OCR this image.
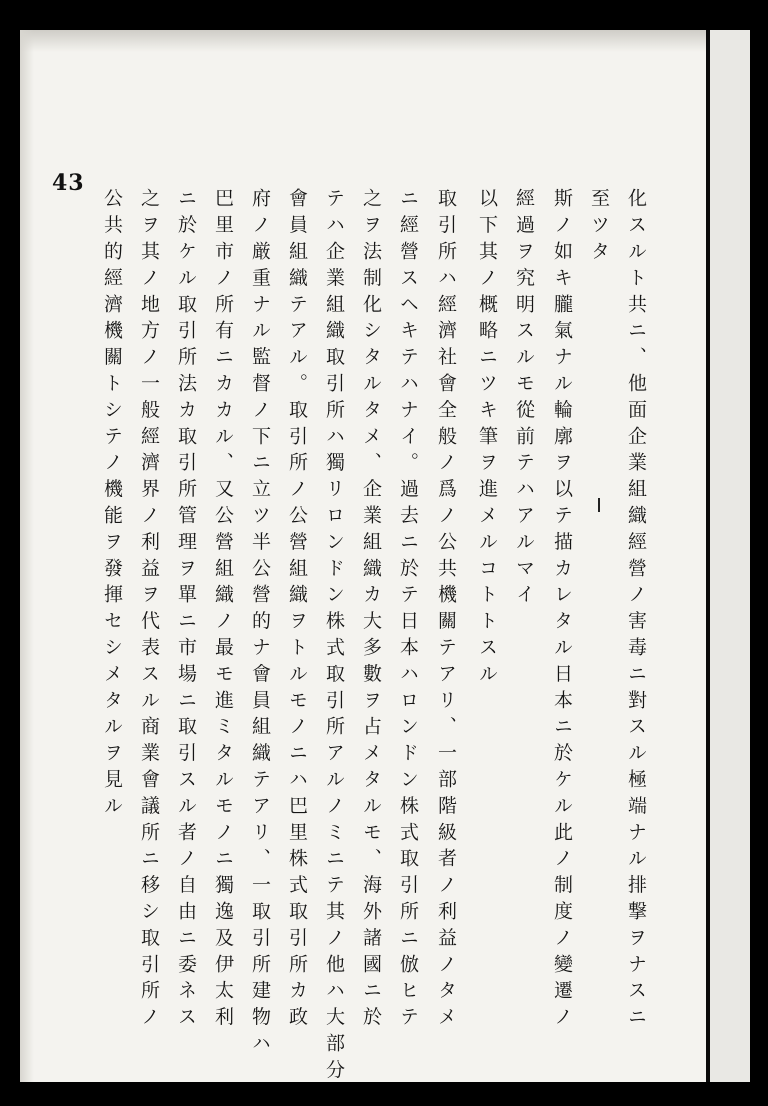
43
化スルト共ニ、他面企業組織經營ノ害毒ニ對スル極端ナル排撃ヲナスニ
至ツタ
斯ノ如キ朧氣ナル輪廓ヲ以テ描カレタル日本ニ於ケル此ノ制度ノ變遷ノ
經過ヲ究明スルモ從前テハアルマイ
以下其ノ概略ニツキ筆ヲ進メルコトトスル
取引所ハ經濟社會全般ノ爲ノ公共機關テアリ、一部階級者ノ利益ノタメ
ニ經營スヘキテハナイ。過去ニ於テ日本ハロンドン株式取引所ニ倣ヒテ
之ヲ法制化シタルタメ、企業組織カ大多數ヲ占メタルモ、海外諸國ニ於
テハ企業組織取引所ハ獨リロンドン株式取引所アルノミニテ其ノ他ハ大部分
會員組織テアル。取引所ノ公營組織ヲトルモノニハ巴里株式取引所カ政
府ノ厳重ナル監督ノ下ニ立ツ半公營的ナ會員組織テアリ、一取引所建物ハ
巴里市ノ所有ニカカル、又公營組織ノ最モ進ミタルモノニ獨逸及伊太利
ニ於ケル取引所法カ取引所管理ヲ單ニ市場ニ取引スル者ノ自由ニ委ネス
之ヲ其ノ地方ノ一般經濟界ノ利益ヲ代表スル商業會議所ニ移シ取引所ノ
公共的經濟機關トシテノ機能ヲ發揮セシメタルヲ見ル
